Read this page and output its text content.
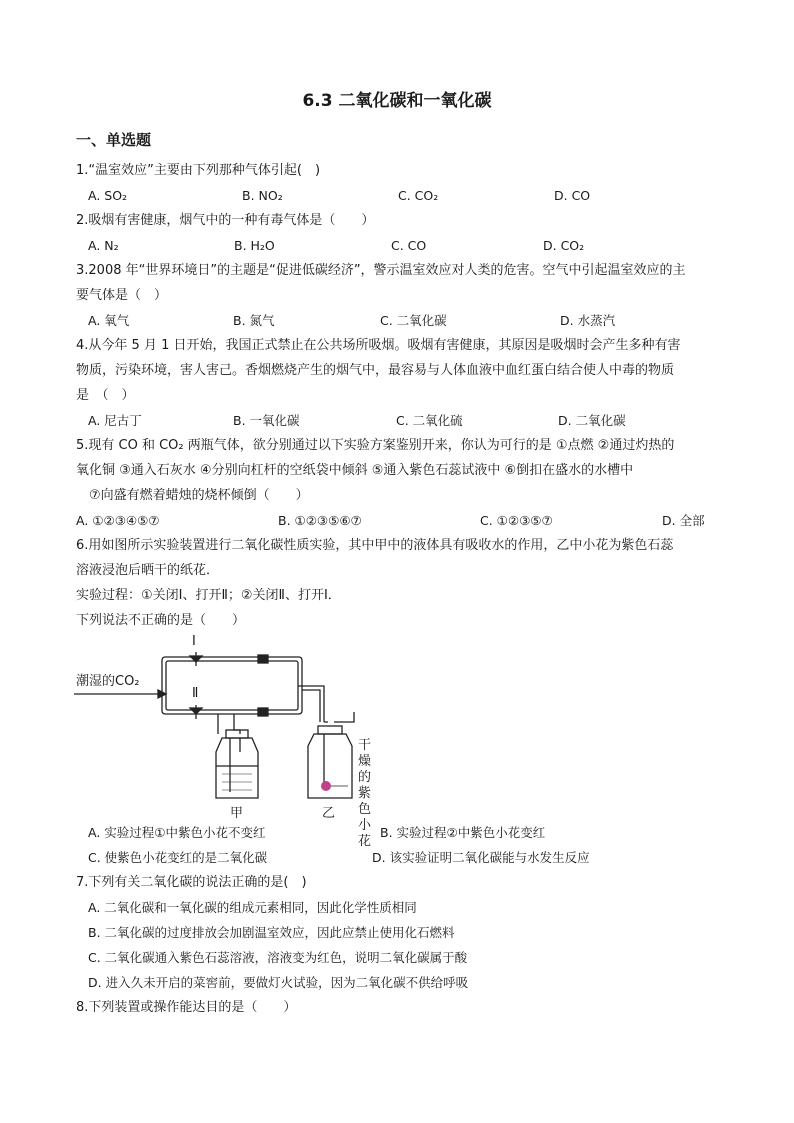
6.3 二氧化碳和一氧化碳
一、单选题
1.“温室效应”主要由下列那种气体引起(　)
A. SO₂	B. NO₂	C. CO₂	D. CO
2.吸烟有害健康，烟气中的一种有毒气体是（　　）
A. N₂	B. H₂O	C. CO	D. CO₂
3.2008 年“世界环境日”的主题是“促进低碳经济”，警示温室效应对人类的危害。空气中引起温室效应的主
要气体是（　）
A. 氧气	B. 氮气	C. 二氧化碳	D. 水蒸汽
4.从今年 5 月 1 日开始，我国正式禁止在公共场所吸烟。吸烟有害健康，其原因是吸烟时会产生多种有害
物质，污染环境，害人害己。香烟燃烧产生的烟气中，最容易与人体血液中血红蛋白结合使人中毒的物质
是　（　）
A. 尼古丁	B. 一氧化碳	C. 二氧化硫	D. 二氧化碳
5.现有 CO 和 CO₂ 两瓶气体，欲分别通过以下实验方案鉴别开来，你认为可行的是 ①点燃 ②通过灼热的
氧化铜 ③通入石灰水 ④分别向杠杆的空纸袋中倾斜 ⑤通入紫色石蕊试液中 ⑥倒扣在盛水的水槽中
　⑦向盛有燃着蜡烛的烧杯倾倒（　　）
A. ①②③④⑤⑦	B. ①②③⑤⑥⑦	C. ①②③⑤⑦	D. 全部
6.用如图所示实验装置进行二氧化碳性质实验，其中甲中的液体具有吸收水的作用，乙中小花为紫色石蕊
溶液浸泡后晒干的纸花．
实验过程：①关闭Ⅰ、打开Ⅱ；②关闭Ⅱ、打开Ⅰ．
下列说法不正确的是（　　）
潮湿的CO₂
Ⅰ
Ⅱ
甲	乙
干燥的紫色小花
A. 实验过程①中紫色小花不变红	B. 实验过程②中紫色小花变红
C. 使紫色小花变红的是二氧化碳	D. 该实验证明二氧化碳能与水发生反应
7.下列有关二氧化碳的说法正确的是(　)
A. 二氧化碳和一氧化碳的组成元素相同，因此化学性质相同
B. 二氧化碳的过度排放会加剧温室效应，因此应禁止使用化石燃料
C. 二氧化碳通入紫色石蕊溶液，溶液变为红色，说明二氧化碳属于酸
D. 进入久未开启的菜窖前，要做灯火试验，因为二氧化碳不供给呼吸
8.下列装置或操作能达目的是（　　）
